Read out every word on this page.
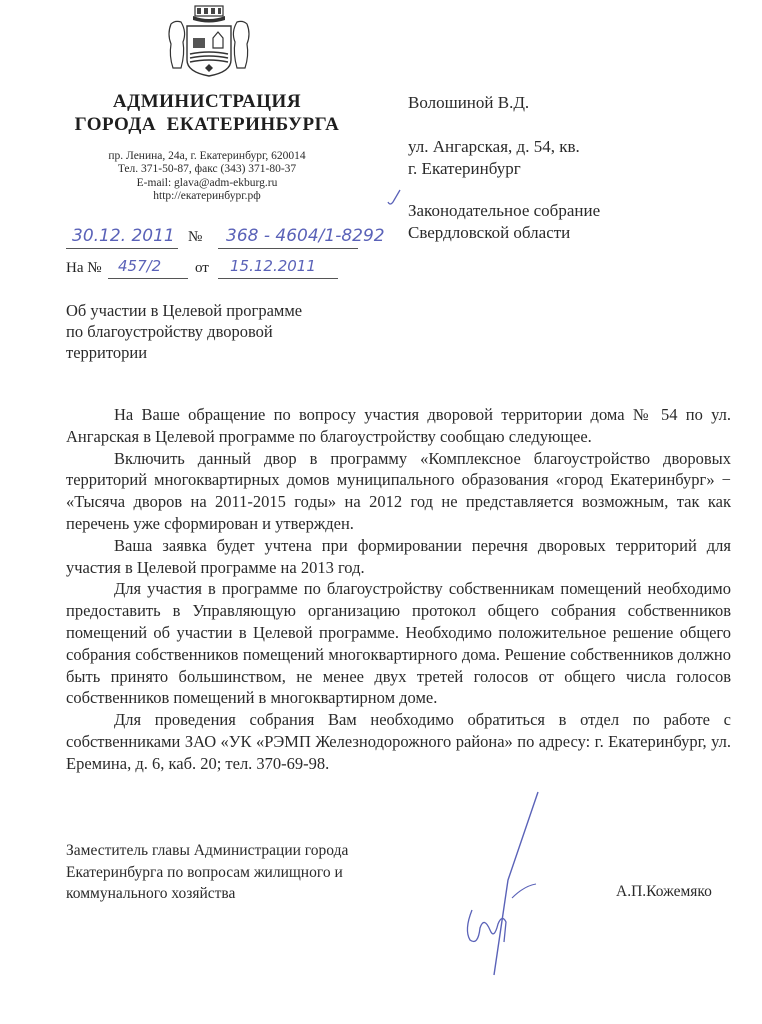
АДМИНИСТРАЦИЯ
ГОРОДА  ЕКАТЕРИНБУРГА
пр. Ленина, 24а, г. Екатеринбург, 620014
Тел. 371-50-87, факс (343) 371-80-37
E-mail: glava@adm-ekburg.ru
http://екатеринбург.рф
30.12. 2011 № 368 - 4604/1-8292
На № 457/2 от 15.12.2011
Волошиной В.Д.
ул. Ангарская, д. 54, кв.
г. Екатеринбург
Законодательное собрание
Свердловской области
Об участии в Целевой программе
по благоустройству дворовой
территории

На Ваше обращение по вопросу участия дворовой территории дома № 54 по ул. Ангарская в Целевой программе по благоустройству сообщаю следующее.

Включить данный двор в программу «Комплексное благоустройство дворовых территорий многоквартирных домов муниципального образования «город Екатеринбург» − «Тысяча дворов на 2011-2015 годы» на 2012 год не представляется возможным, так как перечень уже сформирован и утвержден.

Ваша заявка будет учтена при формировании перечня дворовых территорий для участия в Целевой программе на 2013 год.

Для участия в программе по благоустройству собственникам помещений необходимо предоставить в Управляющую организацию протокол общего собрания собственников помещений об участии в Целевой программе. Необходимо положительное решение общего собрания собственников помещений многоквартирного дома. Решение собственников должно быть принято большинством, не менее двух третей голосов от общего числа голосов собственников помещений в многоквартирном доме.

Для проведения собрания Вам необходимо обратиться в отдел по работе с собственниками ЗАО «УК «РЭМП Железнодорожного района» по адресу: г. Екатеринбург, ул. Еремина, д. 6, каб. 20; тел. 370-69-98.

Заместитель главы Администрации города
Екатеринбурга по вопросам жилищного и
коммунального хозяйства	А.П.Кожемяко
